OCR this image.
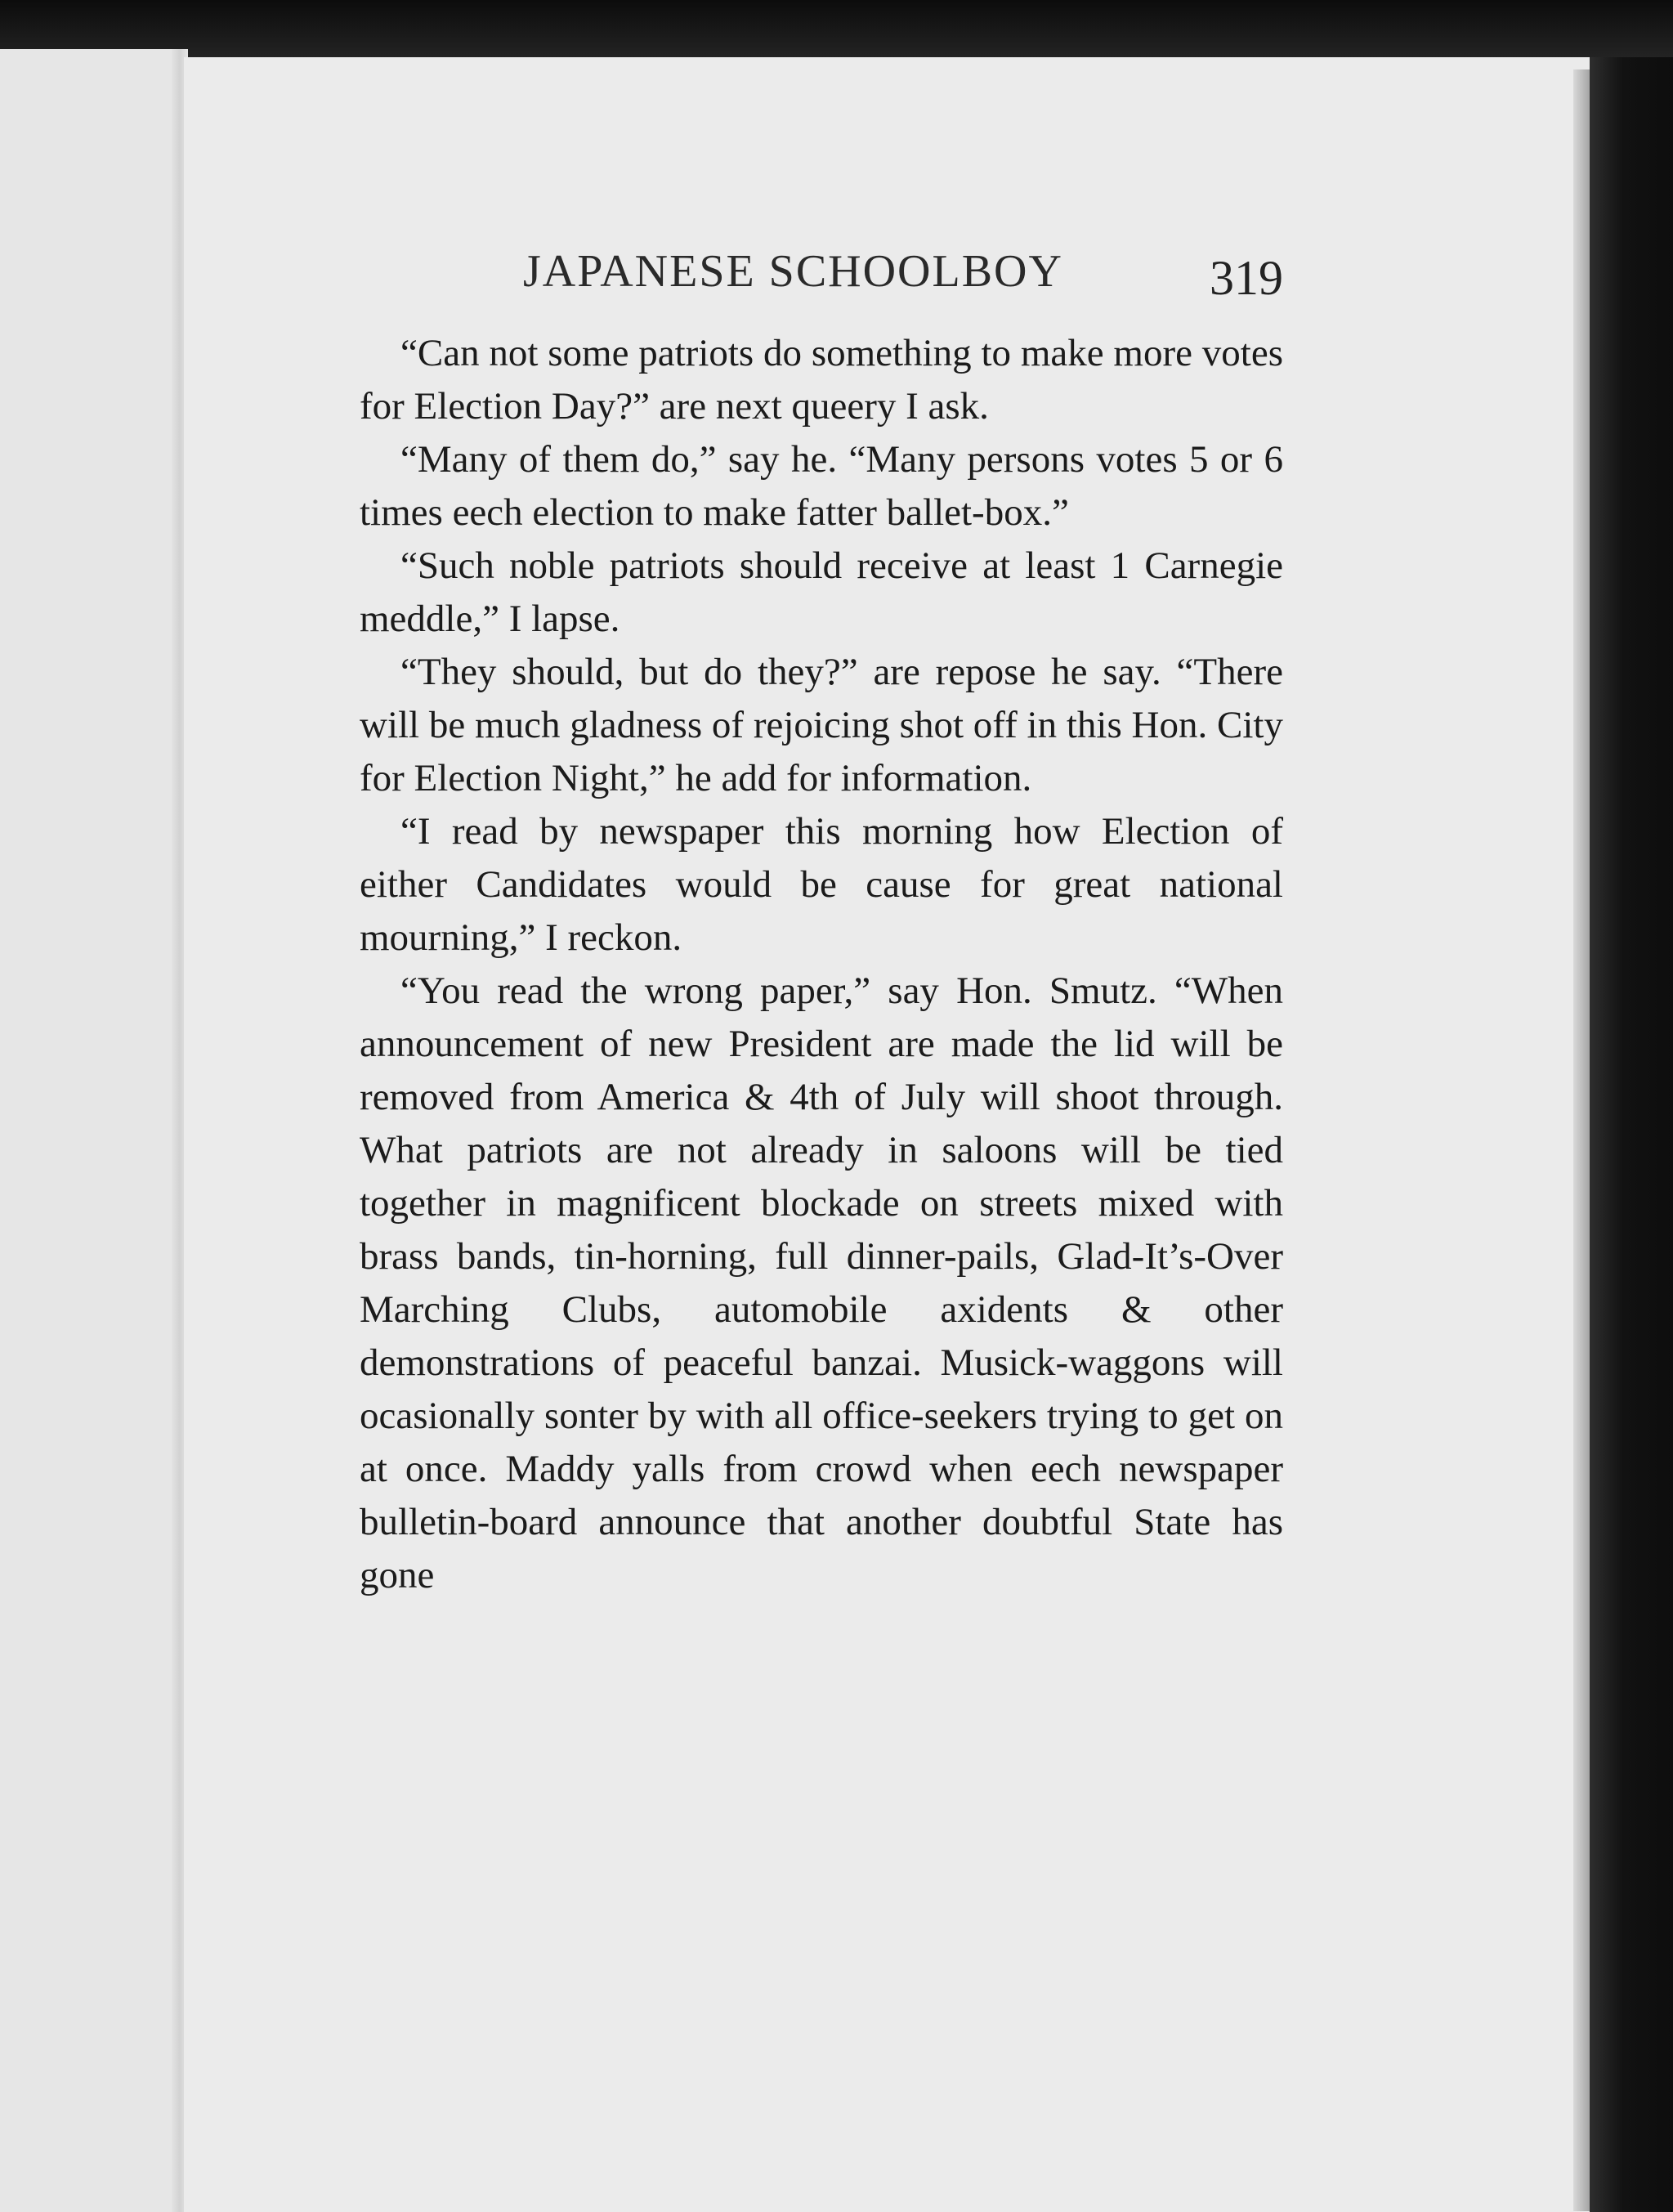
JAPANESE SCHOOLBOY	319

“Can not some patriots do something to make more votes for Election Day?” are next queery I ask.

“Many of them do,” say he. “Many persons votes 5 or 6 times eech election to make fatter ballet-box.”

“Such noble patriots should receive at least 1 Carnegie meddle,” I lapse.

“They should, but do they?” are repose he say. “There will be much gladness of rejoicing shot off in this Hon. City for Election Night,” he add for information.

“I read by newspaper this morning how Election of either Candidates would be cause for great national mourning,” I reckon.

“You read the wrong paper,” say Hon. Smutz. “When announcement of new President are made the lid will be removed from America & 4th of July will shoot through. What patriots are not already in saloons will be tied together in magnificent blockade on streets mixed with brass bands, tin-horning, full dinner-pails, Glad-It’s-Over Marching Clubs, automobile axidents & other demonstrations of peaceful banzai. Musick-waggons will ocasionally sonter by with all office-seekers trying to get on at once. Maddy yalls from crowd when eech newspaper bulletin-board announce that another doubtful State has gone
